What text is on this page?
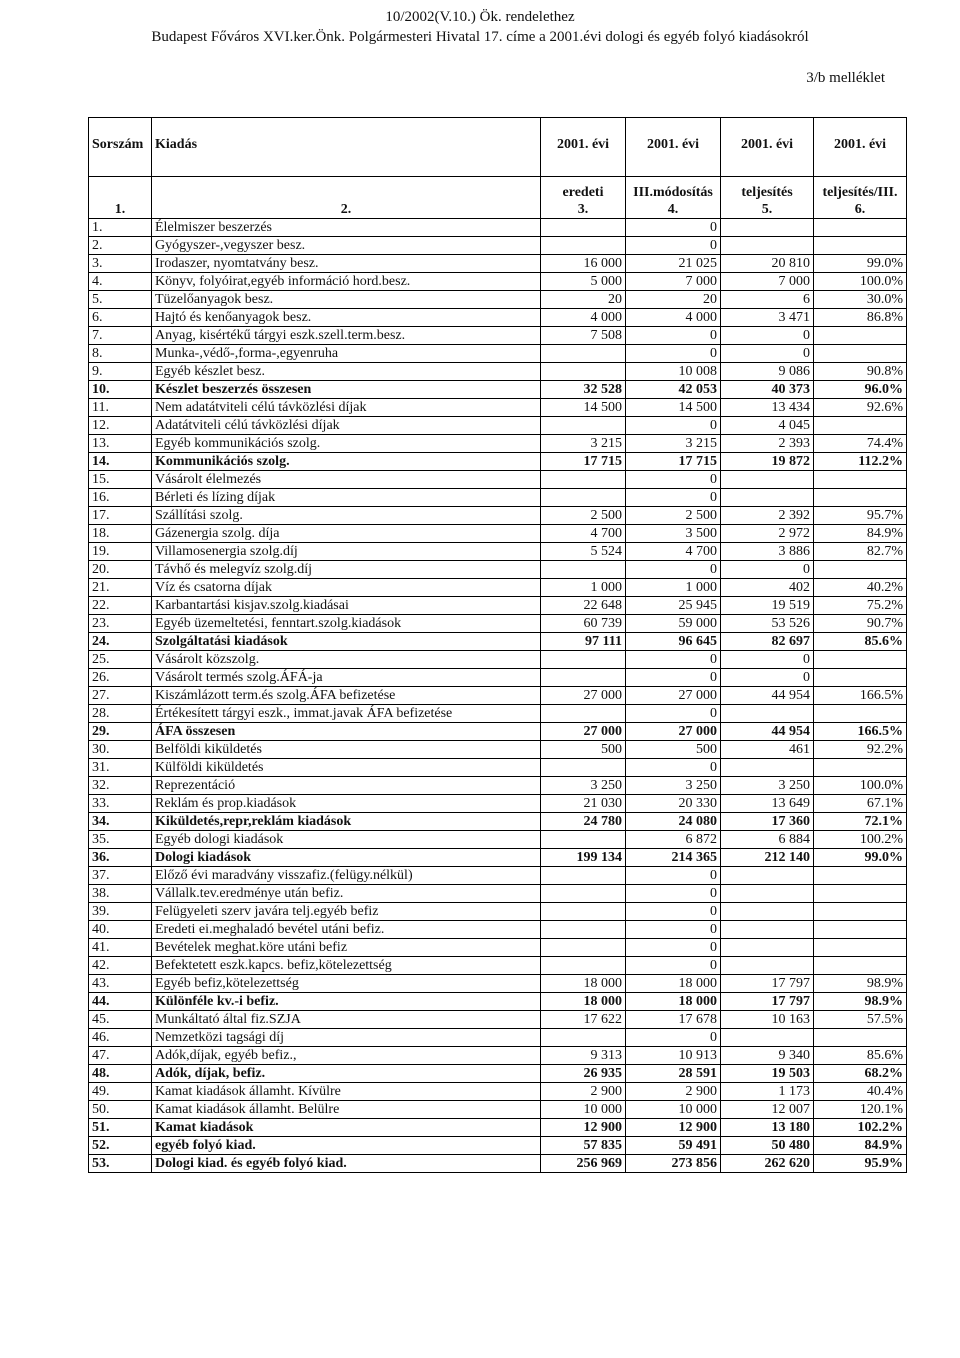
10/2002(V.10.) Ök. rendelethez
Budapest Főváros XVI.ker.Önk. Polgármesteri Hivatal 17. címe a 2001.évi dologi és egyéb folyó kiadásokról
3/b melléklet
Sorszám	Kiadás	2001. évi	2001. évi	2001. évi	2001. évi
		eredeti	III.módosítás	teljesítés	teljesítés/III.
1.	2.	3.	4.	5.	6.
1.	Élelmiszer beszerzés		0		
2.	Gyógyszer-,vegyszer besz.		0		
3.	Irodaszer, nyomtatvány besz.	16 000	21 025	20 810	99.0%
4.	Könyv, folyóirat,egyéb információ hord.besz.	5 000	7 000	7 000	100.0%
5.	Tüzelőanyagok besz.	20	20	6	30.0%
6.	Hajtó és kenőanyagok besz.	4 000	4 000	3 471	86.8%
7.	Anyag, kisértékű tárgyi eszk.szell.term.besz.	7 508	0	0	
8.	Munka-,védő-,forma-,egyenruha		0	0	
9.	Egyéb készlet besz.		10 008	9 086	90.8%
10.	Készlet beszerzés összesen	32 528	42 053	40 373	96.0%
11.	Nem adatátviteli célú távközlési díjak	14 500	14 500	13 434	92.6%
12.	Adatátviteli célú távközlési díjak		0	4 045	
13.	Egyéb kommunikációs szolg.	3 215	3 215	2 393	74.4%
14.	Kommunikációs szolg.	17 715	17 715	19 872	112.2%
15.	Vásárolt élelmezés		0		
16.	Bérleti és lízing díjak		0		
17.	Szállítási szolg.	2 500	2 500	2 392	95.7%
18.	Gázenergia szolg. díja	4 700	3 500	2 972	84.9%
19.	Villamosenergia szolg.díj	5 524	4 700	3 886	82.7%
20.	Távhő és melegvíz szolg.díj		0	0	
21.	Víz és csatorna díjak	1 000	1 000	402	40.2%
22.	Karbantartási kisjav.szolg.kiadásai	22 648	25 945	19 519	75.2%
23.	Egyéb üzemeltetési, fenntart.szolg.kiadások	60 739	59 000	53 526	90.7%
24.	Szolgáltatási kiadások	97 111	96 645	82 697	85.6%
25.	Vásárolt közszolg.		0	0	
26.	Vásárolt termés szolg.ÁFÁ-ja		0	0	
27.	Kiszámlázott term.és szolg.ÁFA befizetése	27 000	27 000	44 954	166.5%
28.	Értékesített tárgyi eszk., immat.javak ÁFA befizetése		0		
29.	ÁFA összesen	27 000	27 000	44 954	166.5%
30.	Belföldi kiküldetés	500	500	461	92.2%
31.	Külföldi kiküldetés		0		
32.	Reprezentáció	3 250	3 250	3 250	100.0%
33.	Reklám és prop.kiadások	21 030	20 330	13 649	67.1%
34.	Kiküldetés,repr,reklám kiadások	24 780	24 080	17 360	72.1%
35.	Egyéb dologi kiadások		6 872	6 884	100.2%
36.	Dologi kiadások	199 134	214 365	212 140	99.0%
37.	Előző évi maradvány visszafiz.(felügy.nélkül)		0		
38.	Vállalk.tev.eredménye után befiz.		0		
39.	Felügyeleti szerv javára telj.egyéb befiz		0		
40.	Eredeti ei.meghaladó bevétel utáni befiz.		0		
41.	Bevételek meghat.köre utáni befiz		0		
42.	Befektetett eszk.kapcs. befiz,kötelezettség		0		
43.	Egyéb befiz,kötelezettség	18 000	18 000	17 797	98.9%
44.	Különféle kv.-i befiz.	18 000	18 000	17 797	98.9%
45.	Munkáltató által fiz.SZJA	17 622	17 678	10 163	57.5%
46.	Nemzetközi tagsági díj		0		
47.	Adók,díjak, egyéb befiz.,	9 313	10 913	9 340	85.6%
48.	Adók, díjak, befiz.	26 935	28 591	19 503	68.2%
49.	Kamat kiadások államht. Kívülre	2 900	2 900	1 173	40.4%
50.	Kamat kiadások államht. Belülre	10 000	10 000	12 007	120.1%
51.	Kamat kiadások	12 900	12 900	13 180	102.2%
52.	egyéb folyó kiad.	57 835	59 491	50 480	84.9%
53.	Dologi kiad. és egyéb folyó kiad.	256 969	273 856	262 620	95.9%
